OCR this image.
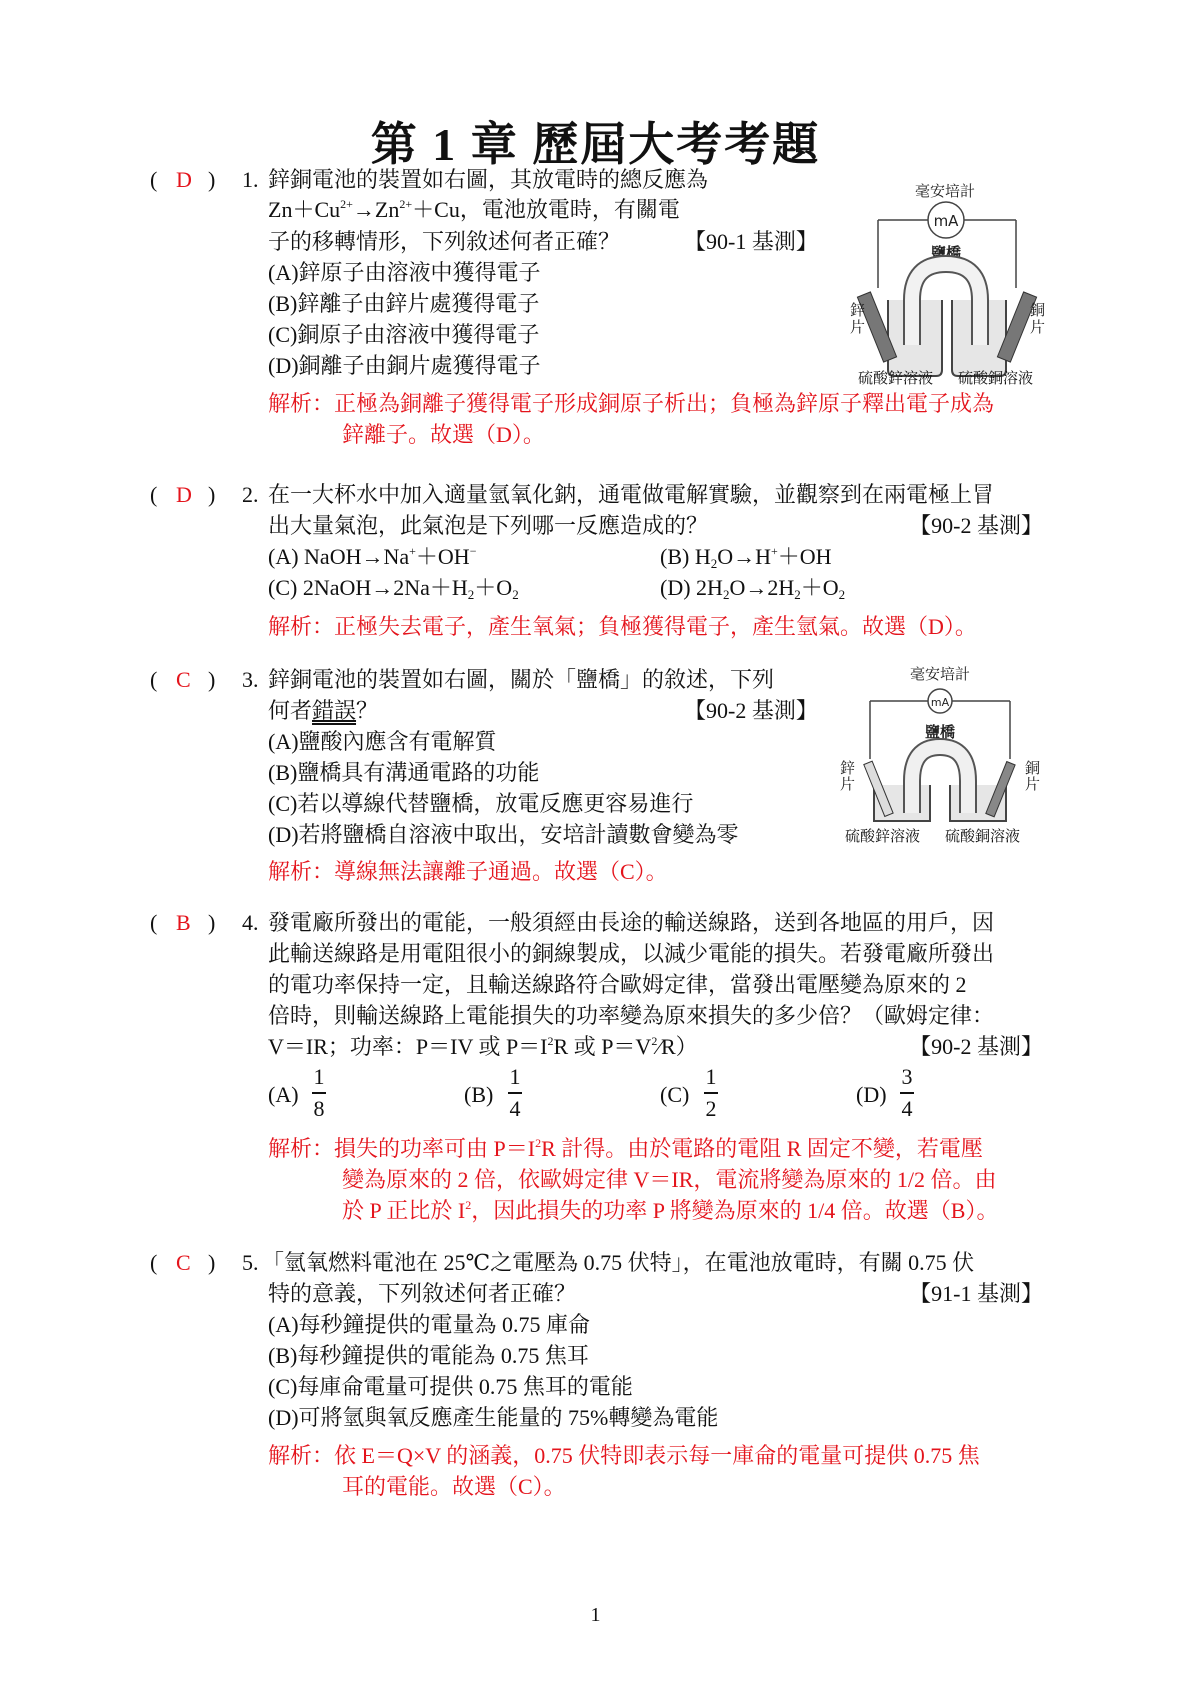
第 1 章 歷屆大考考題
( D ) 1. 鋅銅電池的裝置如右圖，其放電時的總反應為
$Zn+Cu^{2+}\to Zn^{2+}+Cu$，電池放電時，有關電
子的移轉情形，下列敘述何者正確？	【90-1 基測】
(A)鋅原子由溶液中獲得電子
(B)鋅離子由鋅片處獲得電子
(C)銅原子由溶液中獲得電子
(D)銅離子由銅片處獲得電子
解析：正極為銅離子獲得電子形成銅原子析出；負極為鋅原子釋出電子成為
鋅離子。故選（D）。
毫安培計
mA
鹽橋
鋅
片
銅
片
硫酸鋅溶液 硫酸銅溶液
( D ) 2. 在一大杯水中加入適量氫氧化鈉，通電做電解實驗，並觀察到在兩電極上冒
出大量氣泡，此氣泡是下列哪一反應造成的？	【90-2 基測】
(A) NaOH→Na+＋OH−	(B) $H_2O\to H^++OH$
(C) $2NaOH\to 2Na+H_2+O_2$	(D) $2H_2O\to 2H_2+O_2$
解析：正極失去電子，產生氧氣；負極獲得電子，產生氫氣。故選（D）。
( C ) 3. 鋅銅電池的裝置如右圖，關於「鹽橋」的敘述，下列
何者錯誤？	【90-2 基測】
(A)鹽酸內應含有電解質
(B)鹽橋具有溝通電路的功能
(C)若以導線代替鹽橋，放電反應更容易進行
(D)若將鹽橋自溶液中取出，安培計讀數會變為零
解析：導線無法讓離子通過。故選（C）。
毫安培計
mA
鹽橋
鋅
片
銅
片
硫酸鋅溶液 硫酸銅溶液
( B ) 4. 發電廠所發出的電能，一般須經由長途的輸送線路，送到各地區的用戶，因
此輸送線路是用電阻很小的銅線製成，以減少電能的損失。若發電廠所發出
的電功率保持一定，且輸送線路符合歐姆定律，當發出電壓變為原來的 2
倍時，則輸送線路上電能損失的功率變為原來損失的多少倍？（歐姆定律：
V＝IR；功率：P＝IV 或 $P=I^2R$ 或 $P=V^2∕R$）	【90-2 基測】
(A)
1
8
(B)
1
4
(C)
1
2
(D)
3
4
解析：損失的功率可由 $P=I^2R$ 計得。由於電路的電阻 R 固定不變，若電壓
變為原來的 2 倍，依歐姆定律 V＝IR，電流將變為原來的 1/2 倍。由
於 P 正比於 $I^2$，因此損失的功率 P 將變為原來的 1/4 倍。故選（B）。
( C ) 5. 「氫氧燃料電池在 25℃之電壓為 0.75 伏特」，在電池放電時，有關 0.75 伏
特的意義，下列敘述何者正確？	【91-1 基測】
(A)每秒鐘提供的電量為 0.75 庫侖
(B)每秒鐘提供的電能為 0.75 焦耳
(C)每庫侖電量可提供 0.75 焦耳的電能
(D)可將氫與氧反應產生能量的 75%轉變為電能
解析：依 E＝Q×V 的涵義，0.75 伏特即表示每一庫侖的電量可提供 0.75 焦
耳的電能。故選（C）。
1
